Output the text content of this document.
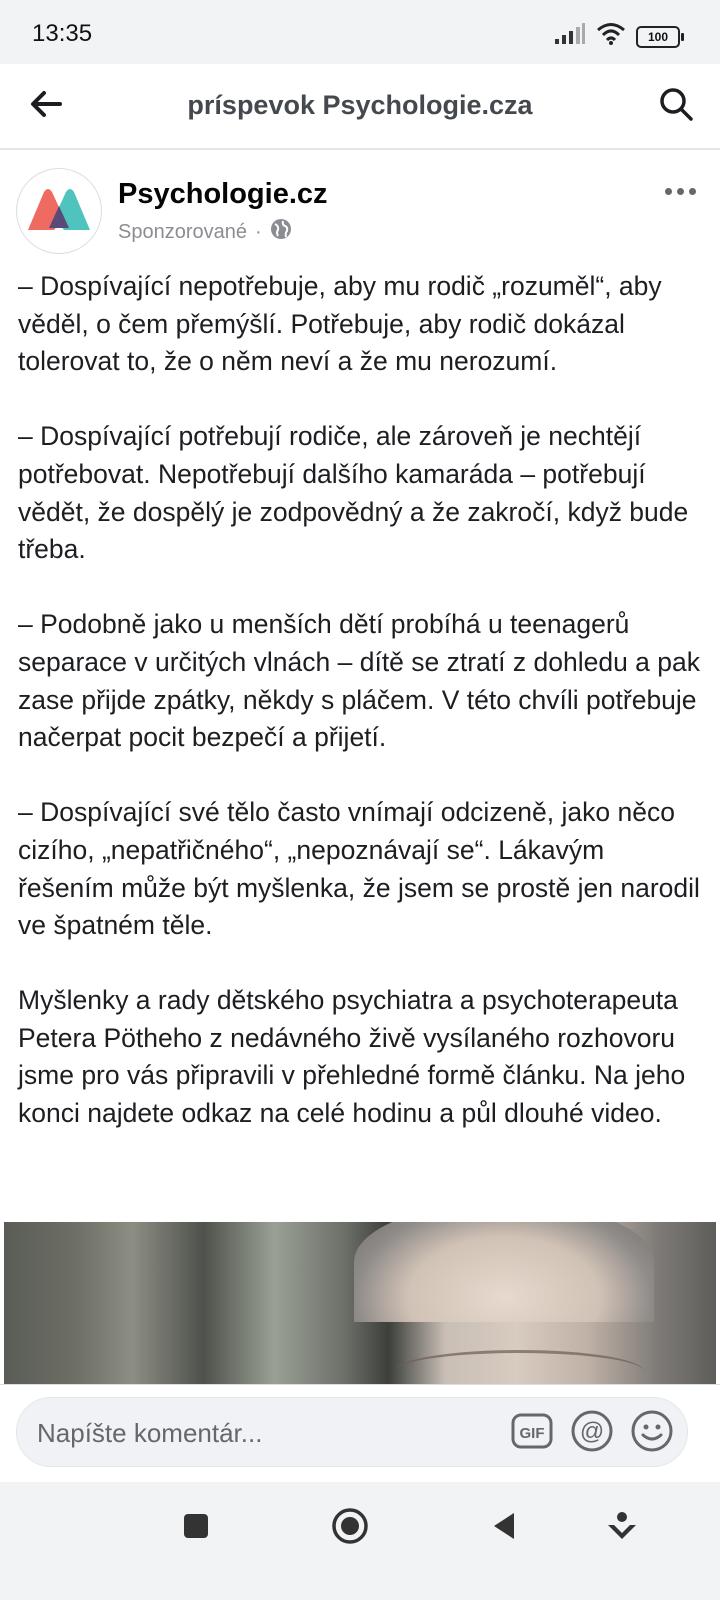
13:35	100
príspevok Psychologie.cza
Psychologie.cz
Sponzorované ·

– Dospívající nepotřebuje, aby mu rodič „rozuměl“, aby věděl, o čem přemýšlí. Potřebuje, aby rodič dokázal tolerovat to, že o něm neví a že mu nerozumí.

– Dospívající potřebují rodiče, ale zároveň je nechtějí potřebovat. Nepotřebují dalšího kamaráda – potřebují vědět, že dospělý je zodpovědný a že zakročí, když bude třeba.

– Podobně jako u menších dětí probíhá u teenagerů separace v určitých vlnách – dítě se ztratí z dohledu a pak zase přijde zpátky, někdy s pláčem. V této chvíli potřebuje načerpat pocit bezpečí a přijetí.

– Dospívající své tělo často vnímají odcizeně, jako něco cizího, „nepatřičného“, „nepoznávají se“. Lákavým řešením může být myšlenka, že jsem se prostě jen narodil ve špatném těle.

Myšlenky a rady dětského psychiatra a psychoterapeuta Petera Pötheho z nedávného živě vysílaného rozhovoru jsme pro vás připravili v přehledné formě článku. Na jeho konci najdete odkaz na celé hodinu a půl dlouhé video.

Napíšte komentár...	GIF @
